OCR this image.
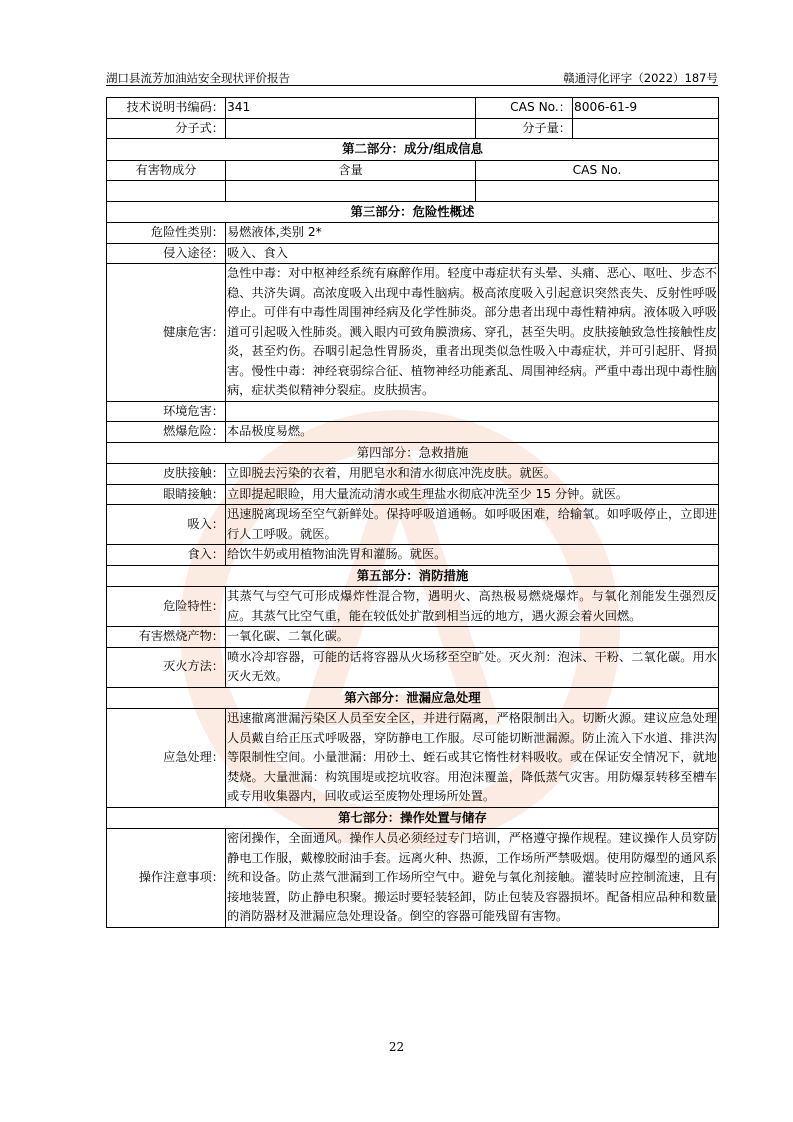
湖口县流芳加油站安全现状评价报告	赣通浔化评字（2022）187号
技术说明书编码：	341	CAS No.：	8006-61-9
分子式：		分子量：	
第二部分：成分/组成信息			
有害物成分	含量	CAS No.	

第三部分：危险性概述			
危险性类别：	易燃液体,类别 2*		
侵入途径：	吸入、食入		
健康危害：	急性中毒：对中枢神经系统有麻醉作用。轻度中毒症状有头晕、头痛、恶心、呕吐、步态不稳、共济失调。高浓度吸入出现中毒性脑病。极高浓度吸入引起意识突然丧失、反射性呼吸停止。可伴有中毒性周围神经病及化学性肺炎。部分患者出现中毒性精神病。液体吸入呼吸道可引起吸入性肺炎。溅入眼内可致角膜溃疡、穿孔，甚至失明。皮肤接触致急性接触性皮炎，甚至灼伤。吞咽引起急性胃肠炎，重者出现类似急性吸入中毒症状，并可引起肝、肾损害。慢性中毒：神经衰弱综合征、植物神经功能紊乱、周围神经病。严重中毒出现中毒性脑病，症状类似精神分裂症。皮肤损害。		
环境危害：			
燃爆危险：	本品极度易燃。		
第四部分：急救措施			
皮肤接触：	立即脱去污染的衣着，用肥皂水和清水彻底冲洗皮肤。就医。		
眼睛接触：	立即提起眼睑，用大量流动清水或生理盐水彻底冲洗至少 15 分钟。就医。		
吸入：	迅速脱离现场至空气新鲜处。保持呼吸道通畅。如呼吸困难，给输氧。如呼吸停止，立即进行人工呼吸。就医。		
食入：	给饮牛奶或用植物油洗胃和灌肠。就医。		
第五部分：消防措施			
危险特性：	其蒸气与空气可形成爆炸性混合物，遇明火、高热极易燃烧爆炸。与氧化剂能发生强烈反应。其蒸气比空气重，能在较低处扩散到相当远的地方，遇火源会着火回燃。		
有害燃烧产物：	一氧化碳、二氧化碳。		
灭火方法：	喷水冷却容器，可能的话将容器从火场移至空旷处。灭火剂：泡沫、干粉、二氧化碳。用水灭火无效。		
第六部分：泄漏应急处理			
应急处理：	迅速撤离泄漏污染区人员至安全区，并进行隔离，严格限制出入。切断火源。建议应急处理人员戴自给正压式呼吸器，穿防静电工作服。尽可能切断泄漏源。防止流入下水道、排洪沟等限制性空间。小量泄漏：用砂土、蛭石或其它惰性材料吸收。或在保证安全情况下，就地焚烧。大量泄漏：构筑围堤或挖坑收容。用泡沫覆盖，降低蒸气灾害。用防爆泵转移至槽车或专用收集器内，回收或运至废物处理场所处置。		
第七部分：操作处置与储存			
操作注意事项：	密闭操作，全面通风。操作人员必须经过专门培训，严格遵守操作规程。建议操作人员穿防静电工作服，戴橡胶耐油手套。远离火种、热源，工作场所严禁吸烟。使用防爆型的通风系统和设备。防止蒸气泄漏到工作场所空气中。避免与氧化剂接触。灌装时应控制流速，且有接地装置，防止静电积聚。搬运时要轻装轻卸，防止包装及容器损坏。配备相应品种和数量的消防器材及泄漏应急处理设备。倒空的容器可能残留有害物。		
22
